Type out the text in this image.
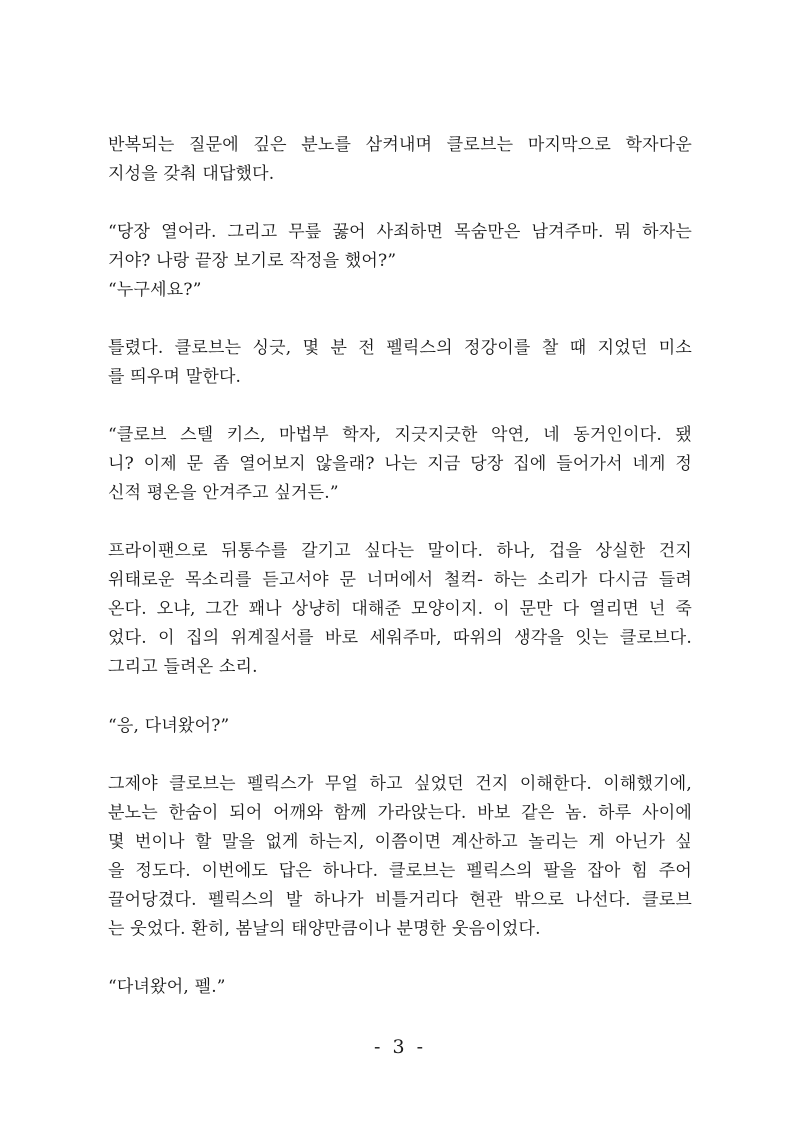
반복되는 질문에 깊은 분노를 삼켜내며 클로브는 마지막으로 학자다운
지성을 갖춰 대답했다.
“당장 열어라. 그리고 무릎 꿇어 사죄하면 목숨만은 남겨주마. 뭐 하자는
거야? 나랑 끝장 보기로 작정을 했어?”
“누구세요?”
틀렸다. 클로브는 싱긋, 몇 분 전 펠릭스의 정강이를 찰 때 지었던 미소
를 띄우며 말한다.
“클로브 스텔 키스, 마법부 학자, 지긋지긋한 악연, 네 동거인이다. 됐
니? 이제 문 좀 열어보지 않을래? 나는 지금 당장 집에 들어가서 네게 정
신적 평온을 안겨주고 싶거든.”
프라이팬으로 뒤통수를 갈기고 싶다는 말이다. 하나, 겁을 상실한 건지
위태로운 목소리를 듣고서야 문 너머에서 철컥- 하는 소리가 다시금 들려
온다. 오냐, 그간 꽤나 상냥히 대해준 모양이지. 이 문만 다 열리면 넌 죽
었다. 이 집의 위계질서를 바로 세워주마, 따위의 생각을 잇는 클로브다.
그리고 들려온 소리.
“응, 다녀왔어?”
그제야 클로브는 펠릭스가 무얼 하고 싶었던 건지 이해한다. 이해했기에,
분노는 한숨이 되어 어깨와 함께 가라앉는다. 바보 같은 놈. 하루 사이에
몇 번이나 할 말을 없게 하는지, 이쯤이면 계산하고 놀리는 게 아닌가 싶
을 정도다. 이번에도 답은 하나다. 클로브는 펠릭스의 팔을 잡아 힘 주어
끌어당겼다. 펠릭스의 발 하나가 비틀거리다 현관 밖으로 나선다. 클로브
는 웃었다. 환히, 봄날의 태양만큼이나 분명한 웃음이었다.
“다녀왔어, 펠.”
- 3 -
